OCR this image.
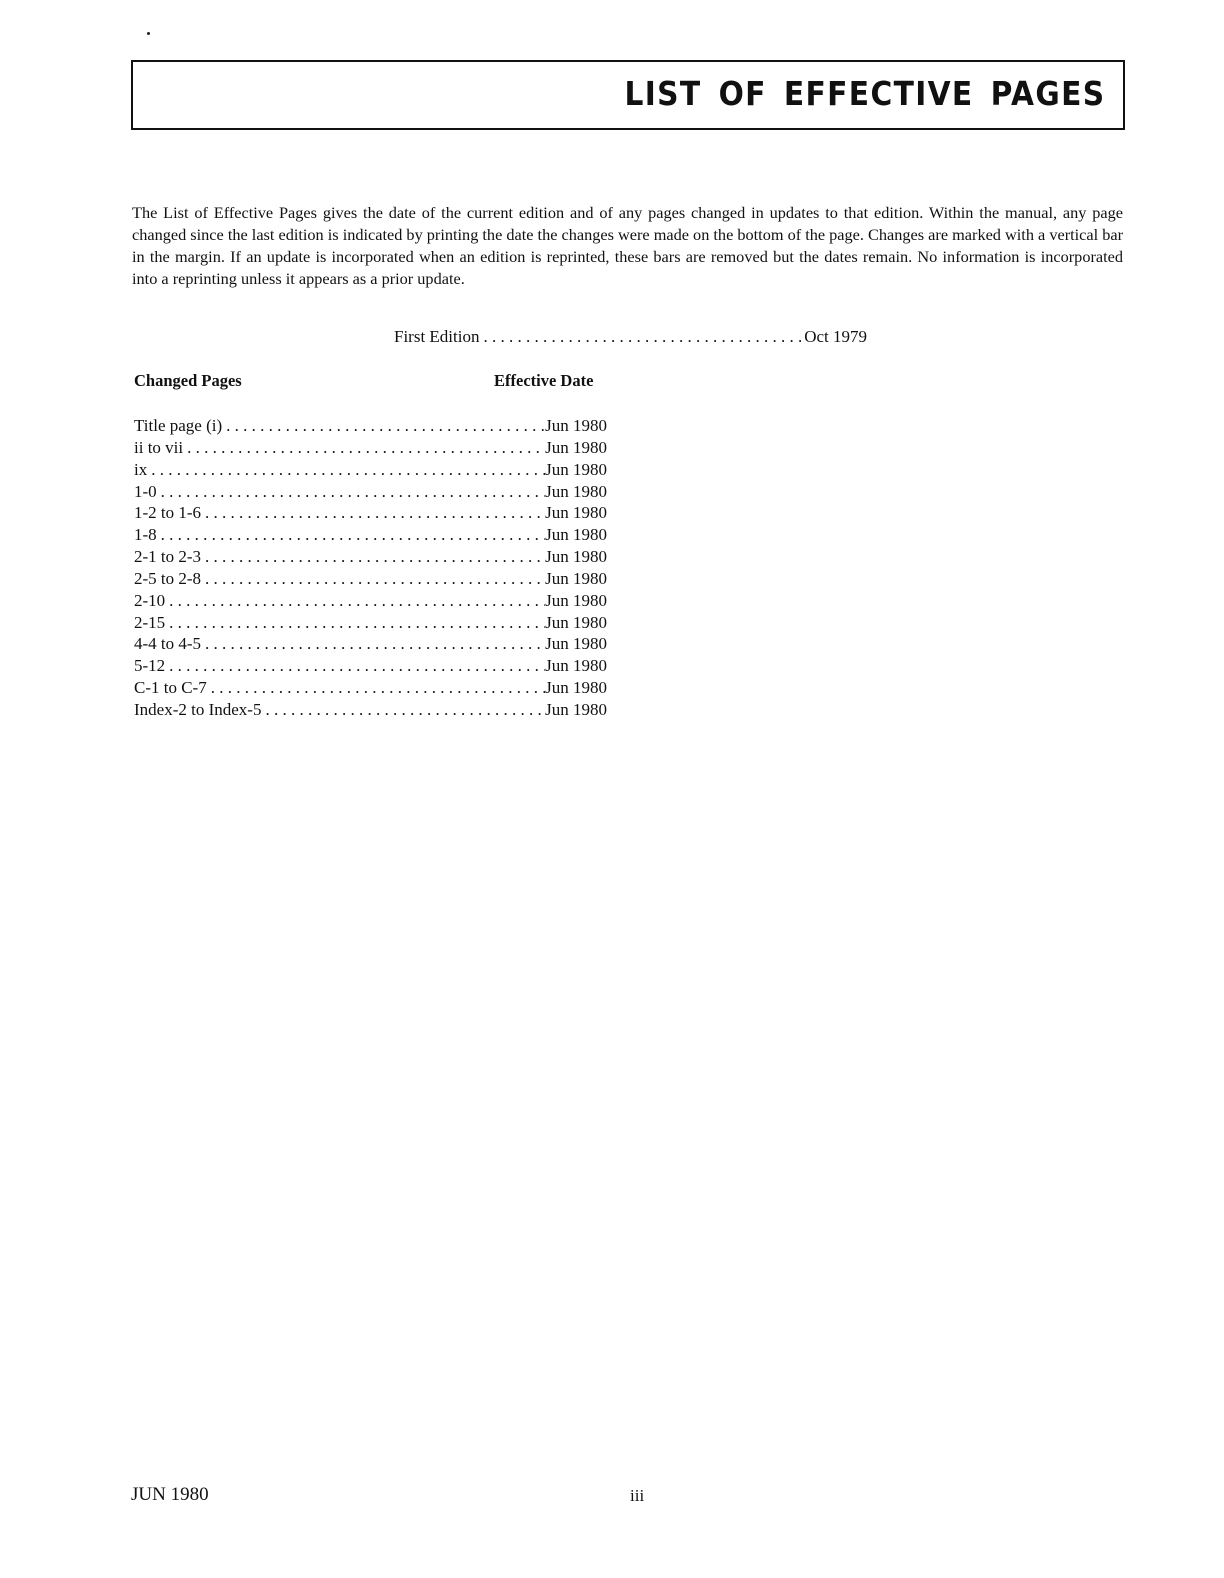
LIST OF EFFECTIVE PAGES

The List of Effective Pages gives the date of the current edition and of any pages changed in updates to that edition. Within the manual, any page changed since the last edition is indicated by printing the date the changes were made on the bottom of the page. Changes are marked with a vertical bar in the margin. If an update is incorporated when an edition is reprinted, these bars are removed but the dates remain. No information is incorporated into a reprinting unless it appears as a prior update.

First Edition . . .	Oct 1979
Changed Pages	Effective Date
Title page (i) . . .	Jun 1980
ii to vii . . .	Jun 1980
ix . . .	Jun 1980
1-0 . . .	Jun 1980
1-2 to 1-6 . . .	Jun 1980
1-8 . . .	Jun 1980
2-1 to 2-3 . . .	Jun 1980
2-5 to 2-8 . . .	Jun 1980
2-10 . . .	Jun 1980
2-15 . . .	Jun 1980
4-4 to 4-5 . . .	Jun 1980
5-12 . . .	Jun 1980
C-1 to C-7 . . .	Jun 1980
Index-2 to Index-5 . . .	Jun 1980
JUN 1980	iii
